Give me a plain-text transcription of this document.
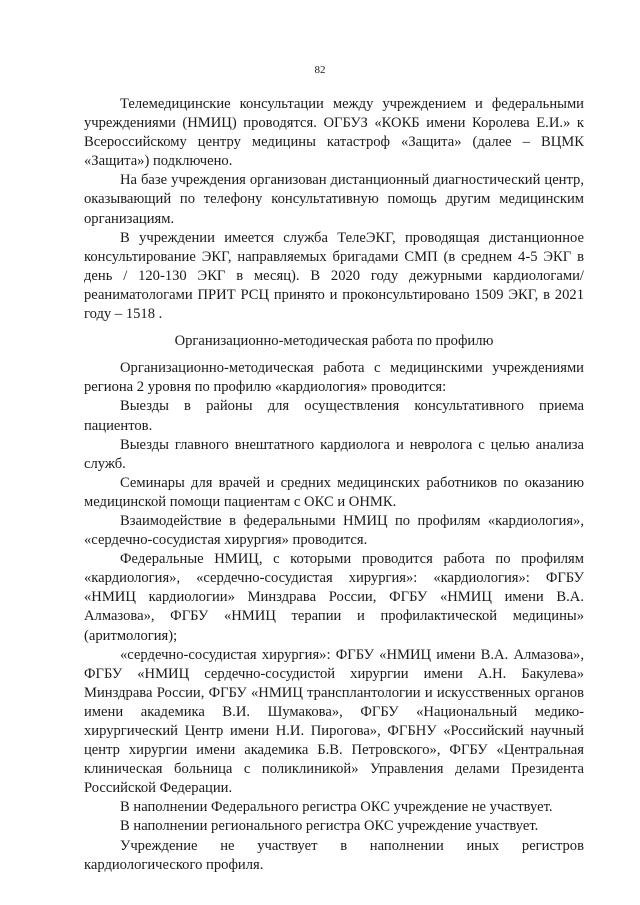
82

Телемедицинские консультации между учреждением и федеральными учреждениями (НМИЦ) проводятся. ОГБУЗ «КОКБ имени Королева Е.И.» к Всероссийскому центру медицины катастроф «Защита» (далее – ВЦМК «Защита») подключено.

На базе учреждения организован дистанционный диагностический центр, оказывающий по телефону консультативную помощь другим медицинским организациям.

В учреждении имеется служба ТелеЭКГ, проводящая дистанционное консультирование ЭКГ, направляемых бригадами СМП (в среднем 4-5 ЭКГ в день / 120-130 ЭКГ в месяц). В 2020 году дежурными кардиологами/реаниматологами ПРИТ РСЦ принято и проконсультировано 1509 ЭКГ, в 2021 году – 1518 .

Организационно-методическая работа по профилю

Организационно-методическая работа с медицинскими учреждениями региона 2 уровня по профилю «кардиология» проводится:

Выезды в районы для осуществления консультативного приема пациентов.

Выезды главного внештатного кардиолога и невролога с целью анализа служб.

Семинары для врачей и средних медицинских работников по оказанию медицинской помощи пациентам с ОКС и ОНМК.

Взаимодействие в федеральными НМИЦ по профилям «кардиология», «сердечно-сосудистая хирургия» проводится.

Федеральные НМИЦ, с которыми проводится работа по профилям «кардиология», «сердечно-сосудистая хирургия»: «кардиология»: ФГБУ «НМИЦ кардиологии» Минздрава России, ФГБУ «НМИЦ имени В.А. Алмазова», ФГБУ «НМИЦ терапии и профилактической медицины» (аритмология);

«сердечно-сосудистая хирургия»: ФГБУ «НМИЦ имени В.А. Алмазова», ФГБУ «НМИЦ сердечно-сосудистой хирургии имени А.Н. Бакулева» Минздрава России, ФГБУ «НМИЦ трансплантологии и искусственных органов имени академика В.И. Шумакова», ФГБУ «Национальный медико-хирургический Центр имени Н.И. Пирогова», ФГБНУ «Российский научный центр хирургии имени академика Б.В. Петровского», ФГБУ «Центральная клиническая больница с поликлиникой» Управления делами Президента Российской Федерации.

В наполнении Федерального регистра ОКС учреждение не участвует.

В наполнении регионального регистра ОКС учреждение участвует.

Учреждение не участвует в наполнении иных регистров кардиологического профиля.
